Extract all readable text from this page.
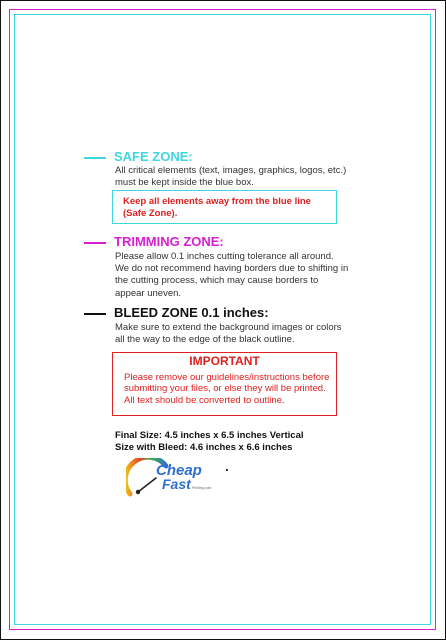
SAFE ZONE:
All critical elements (text, images, graphics, logos, etc.)
must be kept inside the blue box.
Keep all elements away from the blue line
(Safe Zone).
TRIMMING ZONE:
Please allow 0.1 inches cutting tolerance all around.
We do not recommend having borders due to shifting in
the cutting process, which may cause borders to
appear uneven.
BLEED ZONE 0.1 inches:
Make sure to extend the background images or colors
all the way to the edge of the black outline.
IMPORTANT
Please remove our guidelines/instructions before
submitting your files, or else they will be printed.
All text should be converted to outline.
Final Size: 4.5 inches x 6.5 inches Vertical
Size with Bleed: 4.6 inches x 6.6 inches
Cheap
Fast Printing.com
